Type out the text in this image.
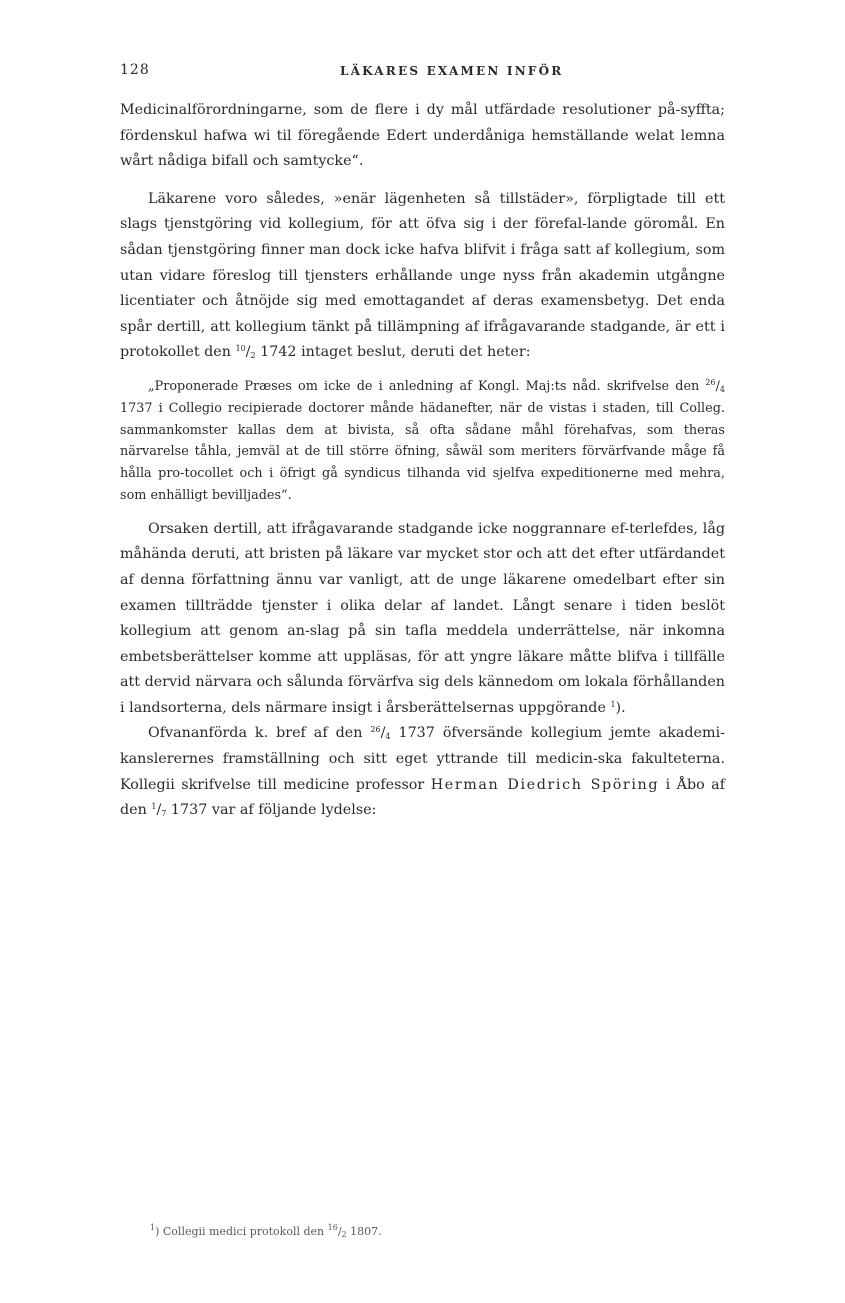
128	LÄKARES EXAMEN INFÖR

Medicinalförordningarne, som de flere i dy mål utfärdade resolutioner på-syffta; fördenskul hafwa wi til föregående Edert underdåniga hemställande welat lemna wårt nådiga bifall och samtycke“.

Läkarene voro således, »enär lägenheten så tillstäder», förpligtade till ett slags tjenstgöring vid kollegium, för att öfva sig i der förefal-lande göromål. En sådan tjenstgöring finner man dock icke hafva blifvit i fråga satt af kollegium, som utan vidare föreslog till tjensters erhållande unge nyss från akademin utgångne licentiater och åtnöjde sig med emottagandet af deras examensbetyg. Det enda spår dertill, att kollegium tänkt på tillämpning af ifrågavarande stadgande, är ett i protokollet den $^{10}/_2$ 1742 intaget beslut, deruti det heter:

„Proponerade Præses om icke de i anledning af Kongl. Maj:ts nåd. skrifvelse den $^{26}/_4$ 1737 i Collegio recipierade doctorer månde hädanefter, när de vistas i staden, till Colleg. sammankomster kallas dem at bivista, så ofta sådane måhl förehafvas, som theras närvarelse tåhla, jemväl at de till större öfning, såwäl som meriters förvärfvande måge få hålla pro-tocollet och i öfrigt gå syndicus tilhanda vid sjelfva expeditionerne med mehra, som enhälligt bevilljades“.

Orsaken dertill, att ifrågavarande stadgande icke noggrannare ef-terlefdes, låg måhända deruti, att bristen på läkare var mycket stor och att det efter utfärdandet af denna författning ännu var vanligt, att de unge läkarene omedelbart efter sin examen tillträdde tjenster i olika delar af landet. Långt senare i tiden beslöt kollegium att genom an-slag på sin tafla meddela underrättelse, när inkomna embetsberättelser komme att uppläsas, för att yngre läkare måtte blifva i tillfälle att dervid närvara och sålunda förvärfva sig dels kännedom om lokala förhållanden i landsorterna, dels närmare insigt i årsberättelsernas uppgörande $^1$).

Ofvananförda k. bref af den $^{26}/_4$ 1737 öfversände kollegium jemte akademi-kanslerernes framställning och sitt eget yttrande till medicin-ska fakulteterna. Kollegii skrifvelse till medicine professor Herman Diedrich Spöring i Åbo af den $^1/_7$ 1737 var af följande lydelse:

$^1$) Collegii medici protokoll den $^{16}/_2$ 1807.
